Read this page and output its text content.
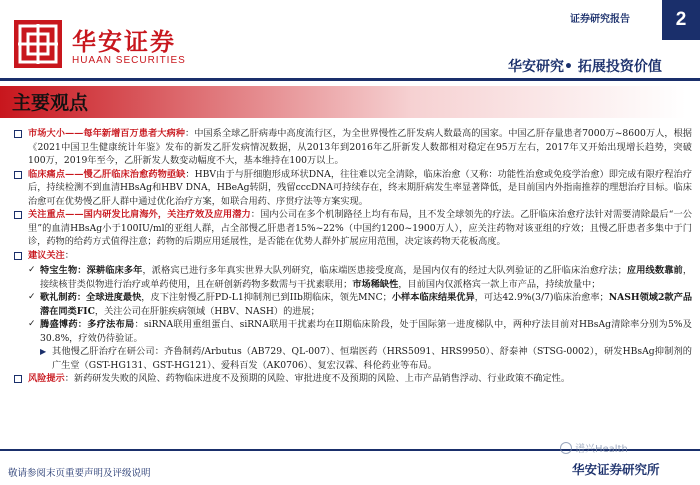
华安证券
HUAAN SECURITIES
证券研究报告	2
华安研究• 拓展投资价值
主要观点
市场大小——每年新增百万患者大病种：中国系全球乙肝病毒中高度流行区，为全世界慢性乙肝发病人数最高的国家。中国乙肝存量患者7000万~8600万人，根据《2021中国卫生健康统计年鉴》发布的新发乙肝发病情况数据，从2013年到2016年乙肝新发人数都相对稳定在95万左右，2017年又开始出现增长趋势，突破100万，2019年至今，乙肝新发人数变动幅度不大，基本维持在100万以上。
临床痛点——慢乙肝临床治愈药物亟缺：HBV由于与肝细胞形成环状DNA，往往难以完全清除，临床治愈（又称：功能性治愈或免疫学治愈）即完成有限疗程治疗后，持续检测不到血清HBsAg和HBV DNA，HBeAg转阴，残留cccDNA可持续存在，终末期肝病发生率显著降低，是目前国内外指南推荐的理想治疗目标。临床治愈可在优势慢乙肝人群中通过优化治疗方案，如联合用药、序贯疗法等方案实现。
关注重点——国内研发比肩海外，关注疗效及应用潜力：国内公司在多个机制路径上均有布局，且不发全球领先的疗法。乙肝临床治愈疗法针对需要清除最后“一公里”的血清HBsAg小于100IU/ml的亚组人群，占全部慢乙肝患者15%~22%（中国约1200~1900万人），应关注药物对该亚组的疗效；且慢乙肝患者多集中于门诊，药物的给药方式值得注意；药物的后期应用延展性，是否能在优势人群外扩展应用范围，决定该药物天花板高度。
建议关注：
✓ 特宝生物：深耕临床多年，派格宾已进行多年真实世界大队列研究，临床端医患接受度高，是国内仅有的经过大队列验证的乙肝临床治愈疗法；应用线数靠前，接续核苷类似物进行治疗或单药使用，且在研创新药物多数需与干扰素联用；市场稀缺性，目前国内仅派格宾一款上市产品，持续放量中；
✓ 歌礼制药：全球进度最快，皮下注射慢乙肝PD-L1抑制剂已到IIb期临床，领先MNC；小样本临床结果优异，可达42.9%(3/7)临床治愈率；NASH领域2款产品潜在同类FIC，关注公司在肝脏疾病领域（HBV、NASH）的进展；
✓ 腾盛博药：多疗法布局：siRNA联用重组蛋白、siRNA联用干扰素均在II期临床阶段，处于国际第一进度梯队中，两种疗法目前对HBsAg清除率分别为5%及30.8%，疗效仍待验证。
▶ 其他慢乙肝治疗在研公司：齐鲁制药/Arbutus（AB729、QL-007）、恒瑞医药（HRS5091、HRS9950）、舒泰神（STSG-0002），研发HBsAg抑制剂的广生堂（GST-HG131、GST-HG121）、爱科百发（AK0706）、复宏汉霖、科伦药业等布局。
风险提示：新药研发失败的风险、药物临床进度不及预期的风险、审批进度不及预期的风险、上市产品销售浮动、行业政策不确定性。
谱兴Health
敬请参阅末页重要声明及评级说明	华安证券研究所
